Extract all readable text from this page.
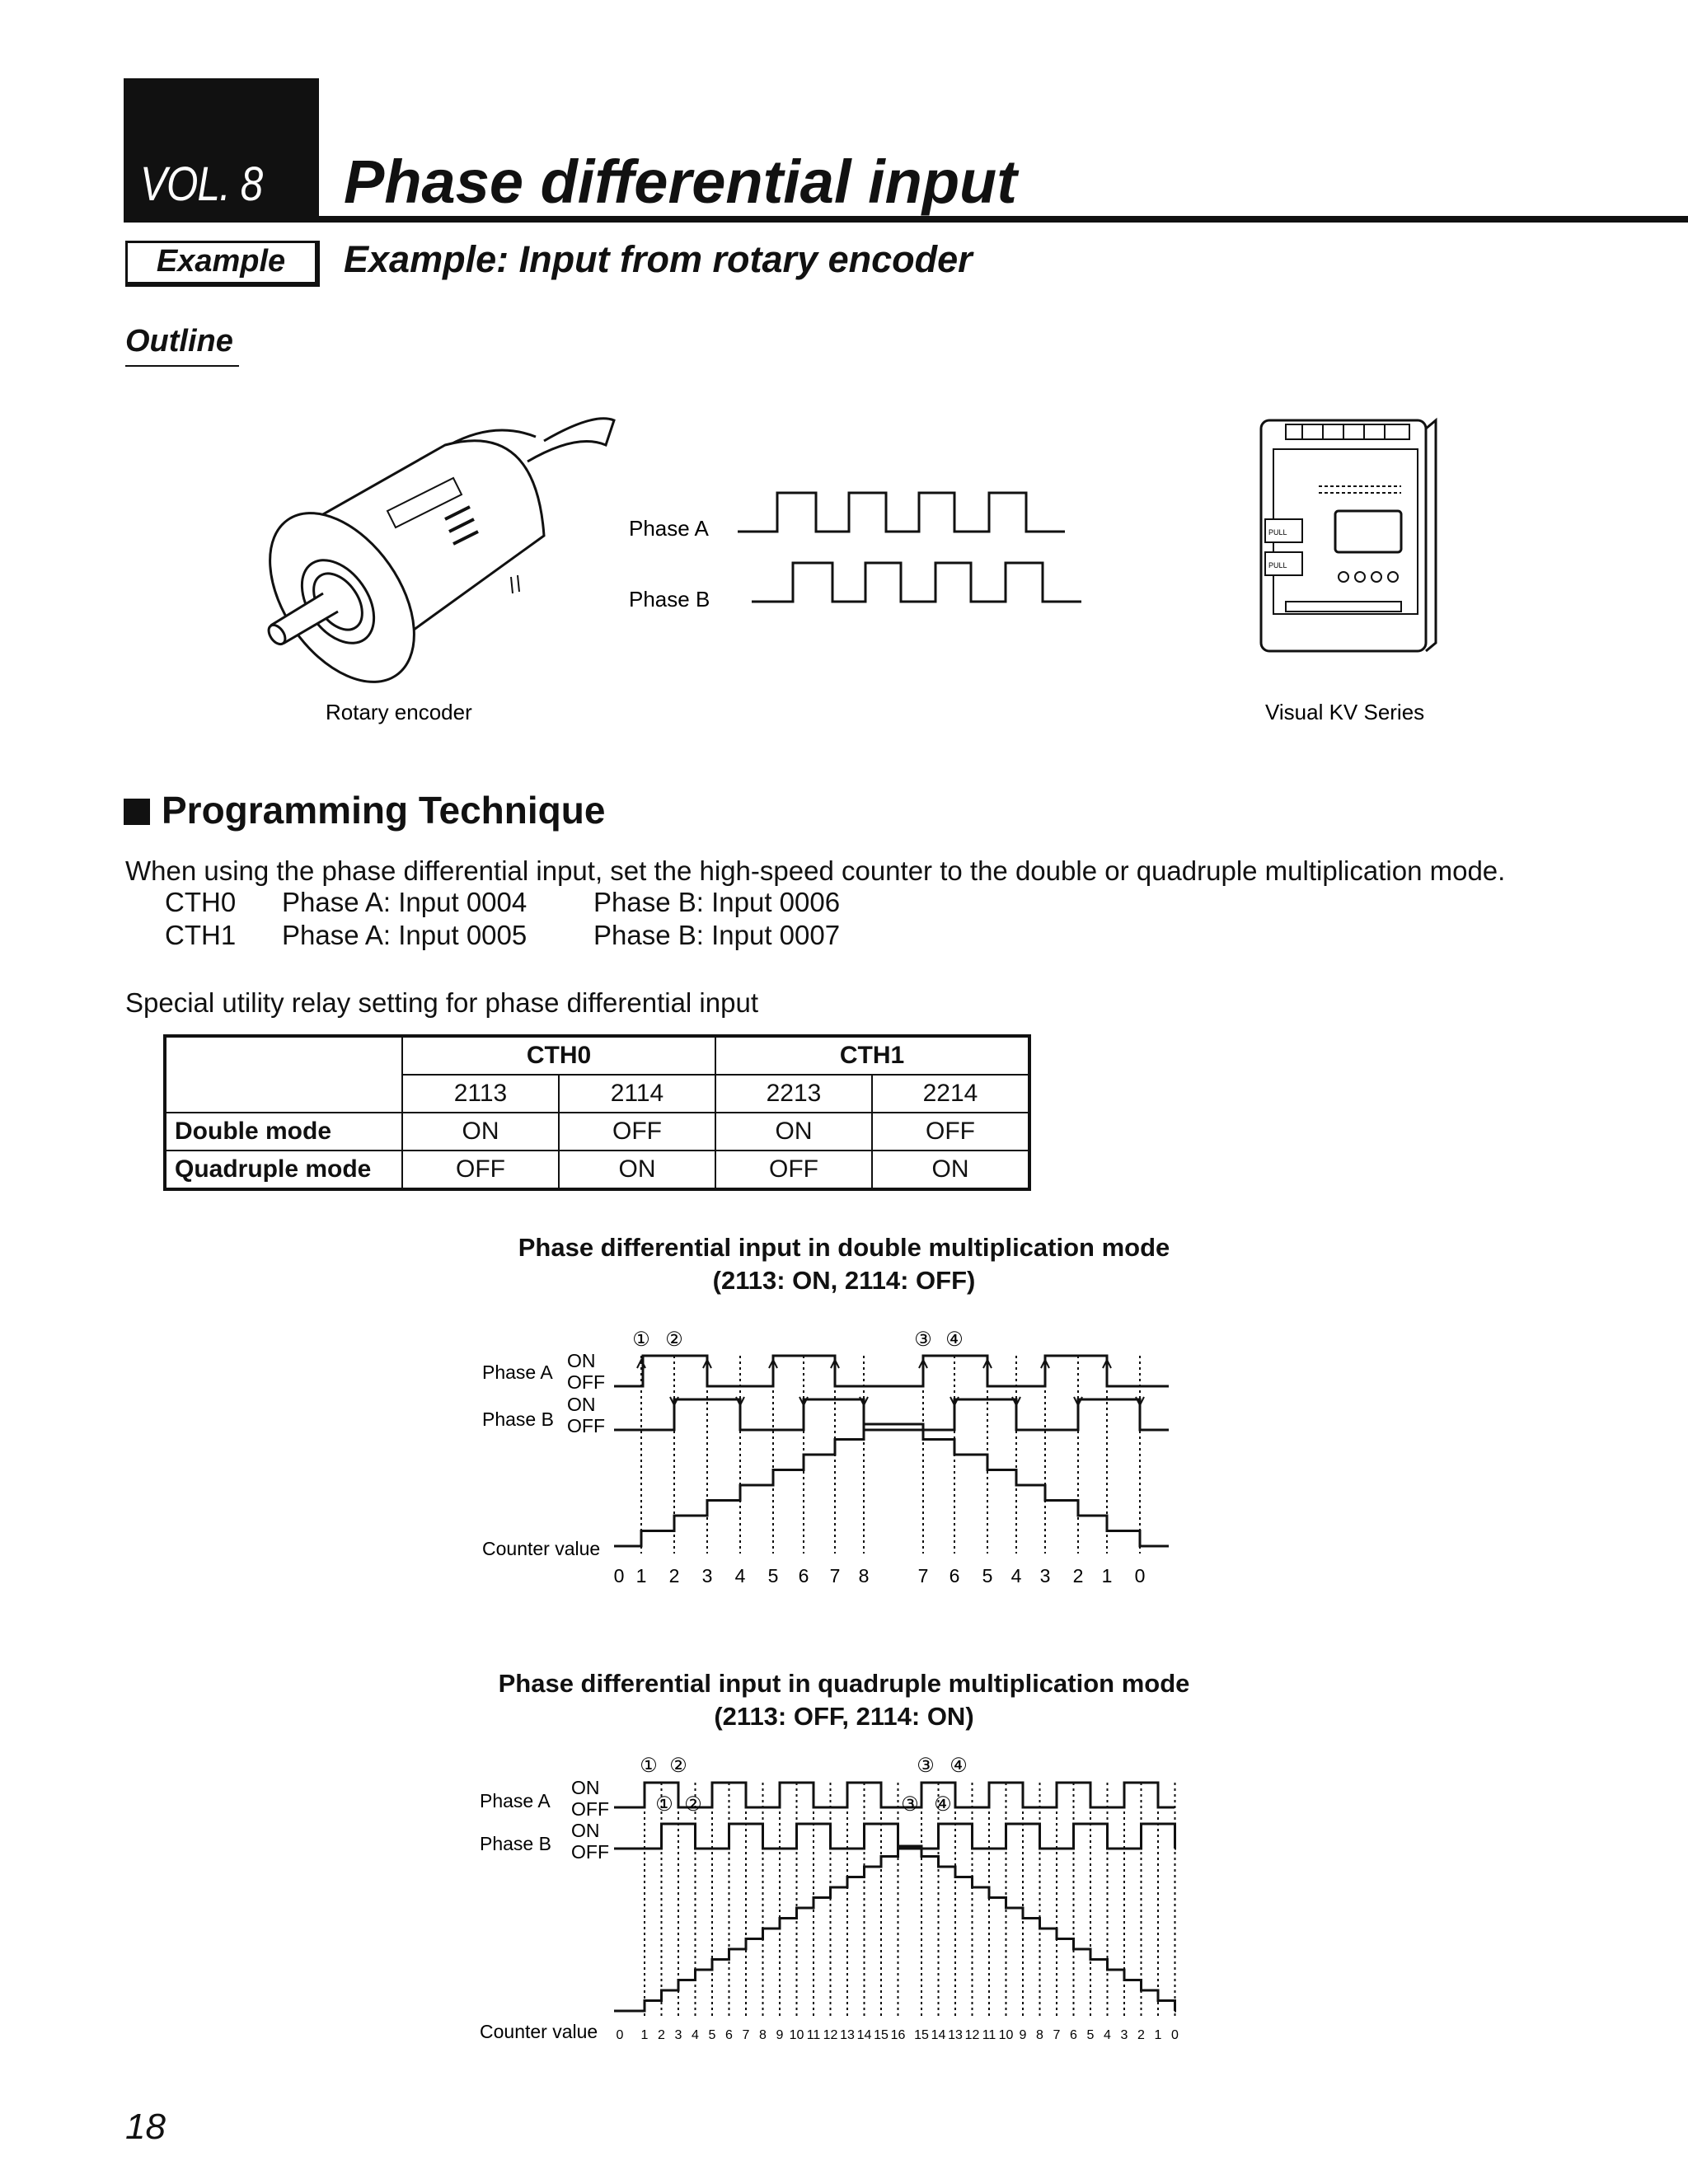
VOL. 8 Phase differential input
Example	Example: Input from rotary encoder
Outline
Phase A
Phase B
PULL
PULL
Rotary encoder	Visual KV Series
Programming Technique
When using the phase differential input, set the high-speed counter to the double or quadruple multiplication mode.
CTH0 Phase A: Input 0004 Phase B: Input 0006
CTH1 Phase A: Input 0005 Phase B: Input 0007
Special utility relay setting for phase differential input
	CTH0		CTH1	
	2113	2114	2213	2214
Double mode	ON	OFF	ON	OFF
Quadruple mode	OFF	ON	OFF	ON
Phase differential input in double multiplication mode
(2113: ON, 2114: OFF)
Phase A
Phase B
ON
OFF
ON
OFF
Counter value
0 1 2 3 4 5 6 7 8	7 6 5 4 3 2 1 0
① ②	③ ④
Phase differential input in quadruple multiplication mode
(2113: OFF, 2114: ON)
Phase A
Phase B
ON
OFF
ON
OFF
Counter value 0 1 2 3 4 5 6 7 8 9 10 11 12 13 14 15 16 15 14 13 12 11 10 9 8 7 6 5 4 3 2 1 0
① ②	③ ④
① ②	③ ④
18
